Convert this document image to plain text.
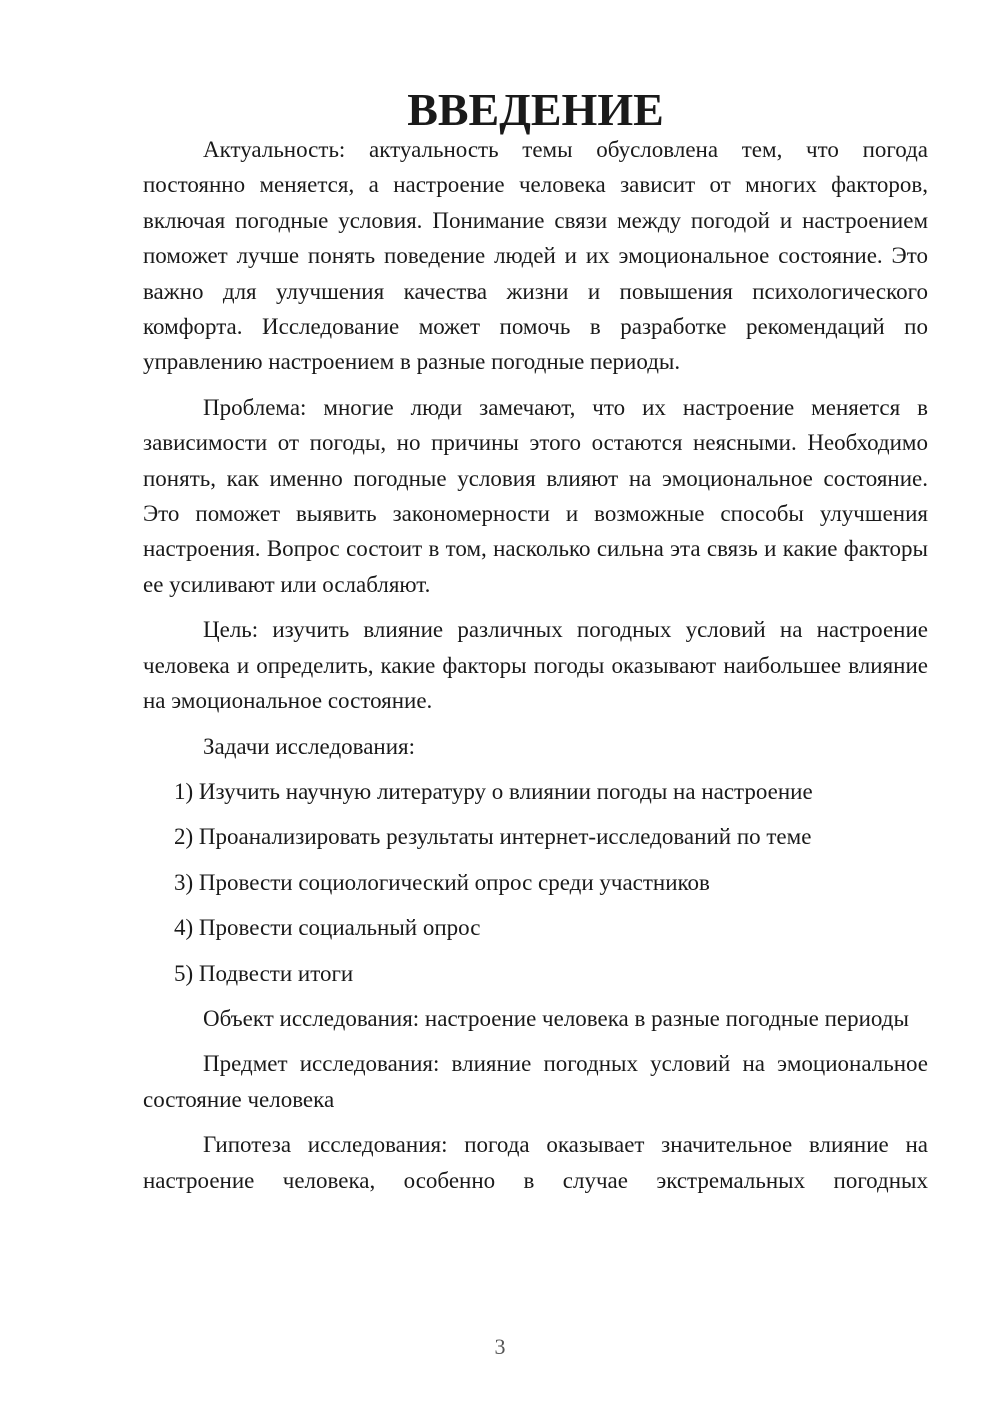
ВВЕДЕНИЕ

Актуальность: актуальность темы обусловлена тем, что погода постоянно меняется, а настроение человека зависит от многих факторов, включая погодные условия. Понимание связи между погодой и настроением поможет лучше понять поведение людей и их эмоциональное состояние. Это важно для улучшения качества жизни и повышения психологического комфорта. Исследование может помочь в разработке рекомендаций по управлению настроением в разные погодные периоды.

Проблема: многие люди замечают, что их настроение меняется в зависимости от погоды, но причины этого остаются неясными. Необходимо понять, как именно погодные условия влияют на эмоциональное состояние. Это поможет выявить закономерности и возможные способы улучшения настроения. Вопрос состоит в том, насколько сильна эта связь и какие факторы ее усиливают или ослабляют.

Цель: изучить влияние различных погодных условий на настроение человека и определить, какие факторы погоды оказывают наибольшее влияние на эмоциональное состояние.

Задачи исследования:

1) Изучить научную литературу о влиянии погоды на настроение
2) Проанализировать результаты интернет-исследований по теме
3) Провести социологический опрос среди участников
4) Провести социальный опрос
5) Подвести итоги

Объект исследования: настроение человека в разные погодные периоды

Предмет исследования: влияние погодных условий на эмоциональное состояние человека

Гипотеза исследования: погода оказывает значительное влияние на настроение человека, особенно в случае экстремальных погодных

3
